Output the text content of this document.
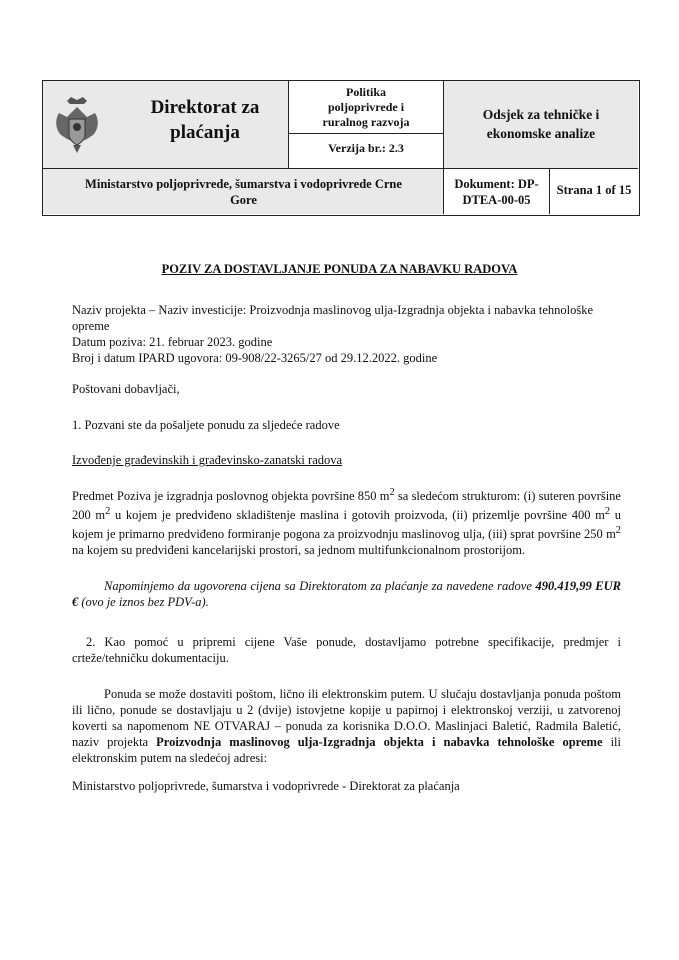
Direktorat za
plaćanja
Politika
poljoprivrede i
ruralnog razvoja
Verzija br.: 2.3
Odsjek za tehničke i
ekonomske analize
Ministarstvo poljoprivrede, šumarstva i vodoprivrede Crne
Gore
Dokument: DP-
DTEA-00-05
Strana 1 of 15
POZIV ZA DOSTAVLJANJE PONUDA ZA NABAVKU RADOVA
Naziv projekta – Naziv investicije: Proizvodnja maslinovog ulja-Izgradnja objekta i nabavka tehnološke
opreme
Datum poziva: 21. februar 2023. godine
Broj i datum IPARD ugovora: 09-908/22-3265/27 od 29.12.2022. godine
Poštovani dobavljači,
1. Pozvani ste da pošaljete ponudu za sljedeće radove
Izvođenje građevinskih i građevinsko-zanatski radova
Predmet Poziva je izgradnja poslovnog objekta površine 850 $m^2$ sa sledećom strukturom: (i) suteren površine 200 $m^2$ u kojem je predviđeno skladištenje maslina i gotovih proizvoda, (ii) prizemlje površine 400 $m^2$ u kojem je primarno predviđeno formiranje pogona za proizvodnju maslinovog ulja, (iii) sprat površine 250 $m^2$ na kojem su predviđeni kancelarijski prostori, sa jednom multifunkcionalnom prostorijom.
Napominjemo da ugovorena cijena sa Direktoratom za plaćanje za navedene radove 490.419,99 EUR € (ovo je iznos bez PDV-a).
2. Kao pomoć u pripremi cijene Vaše ponude, dostavljamo potrebne specifikacije, predmjer i crteže/tehničku dokumentaciju.
Ponuda se može dostaviti poštom, lično ili elektronskim putem. U slučaju dostavljanja ponuda poštom ili lično, ponude se dostavljaju u 2 (dvije) istovjetne kopije u papirnoj i elektronskoj verziji, u zatvorenoj koverti sa napomenom NE OTVARAJ – ponuda za korisnika D.O.O. Maslinjaci Baletić, Radmila Baletić, naziv projekta Proizvodnja maslinovog ulja-Izgradnja objekta i nabavka tehnološke opreme ili elektronskim putem na sledećoj adresi:
Ministarstvo poljoprivrede, šumarstva i vodoprivrede - Direktorat za plaćanja
